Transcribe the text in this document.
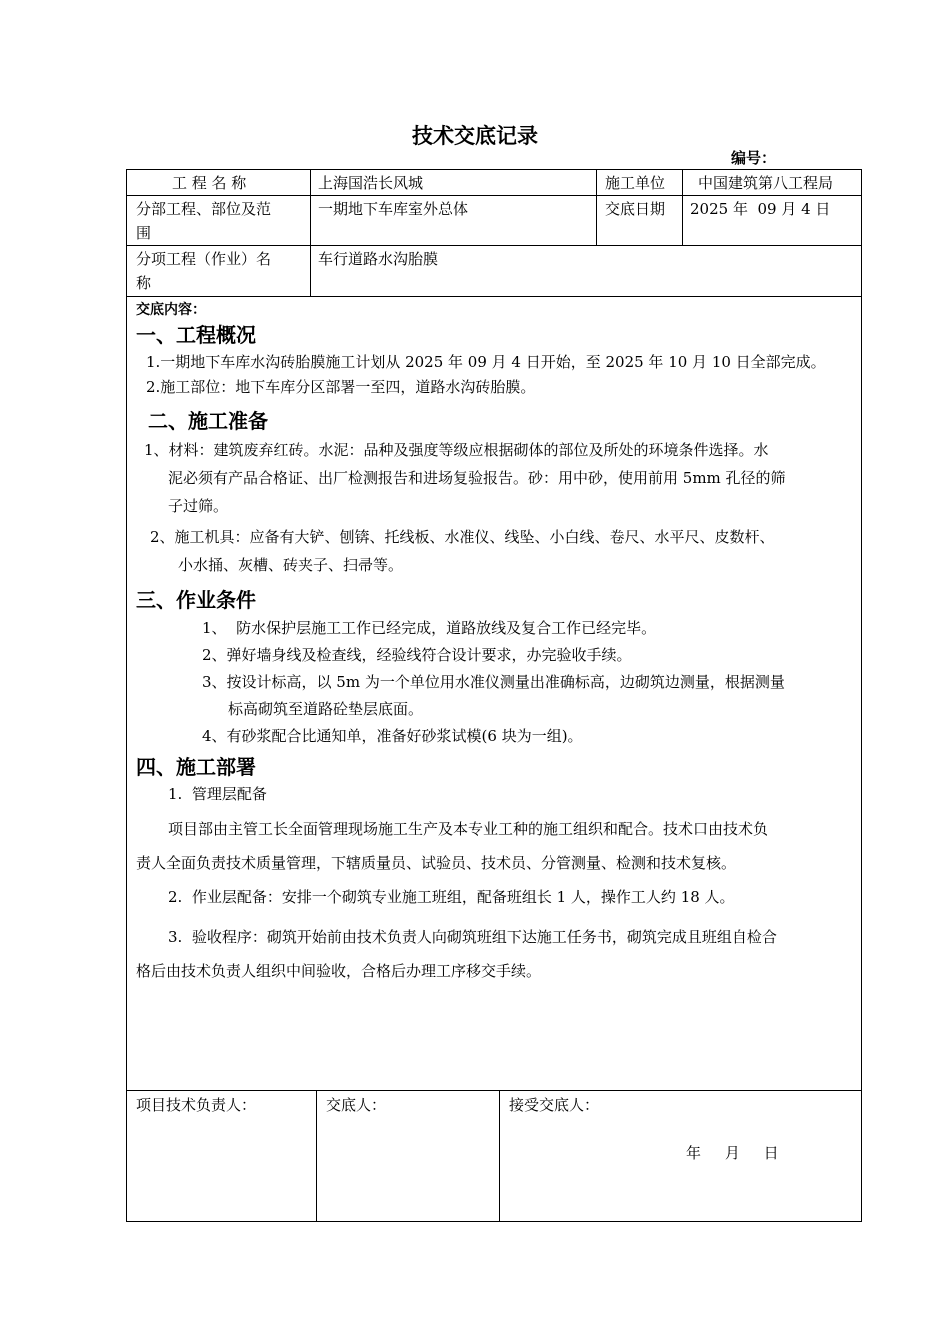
技术交底记录
编号：
工 程 名 称	上海国浩长风城	施工单位 中国建筑第八工程局
分部工程、部位及范
围
一期地下车库室外总体	交底日期 2025 年  09 月 4 日
分项工程（作业）名
称
车行道路水沟胎膜

交底内容：

一、工程概况

1.一期地下车库水沟砖胎膜施工计划从 2025 年 09 月 4 日开始，至 2025 年 10 月 10 日全部完成。

2.施工部位：地下车库分区部署一至四，道路水沟砖胎膜。

二、施工准备

1、材料：建筑废弃红砖。水泥：品种及强度等级应根据砌体的部位及所处的环境条件选择。水

泥必须有产品合格证、出厂检测报告和进场复验报告。砂：用中砂，使用前用 5mm 孔径的筛

子过筛。

2、施工机具：应备有大铲、刨锛、托线板、水准仪、线坠、小白线、卷尺、水平尺、皮数杆、

小水捅、灰槽、砖夹子、扫帚等。

三、作业条件

1、  防水保护层施工工作已经完成，道路放线及复合工作已经完毕。

2、弹好墙身线及检查线，经验线符合设计要求，办完验收手续。

3、按设计标高，以 5m 为一个单位用水准仪测量出准确标高，边砌筑边测量，根据测量

标高砌筑至道路砼垫层底面。

4、有砂浆配合比通知单，准备好砂浆试模(6 块为一组)。

四、施工部署

1.  管理层配备

项目部由主管工长全面管理现场施工生产及本专业工种的施工组织和配合。技术口由技术负

责人全面负责技术质量管理，下辖质量员、试验员、技术员、分管测量、检测和技术复核。

2.  作业层配备：安排一个砌筑专业施工班组，配备班组长 1 人，操作工人约 18 人。

3.  验收程序：砌筑开始前由技术负责人向砌筑班组下达施工任务书，砌筑完成且班组自检合

格后由技术负责人组织中间验收，合格后办理工序移交手续。

项目技术负责人：	交底人：	接受交底人：
年     月     日
